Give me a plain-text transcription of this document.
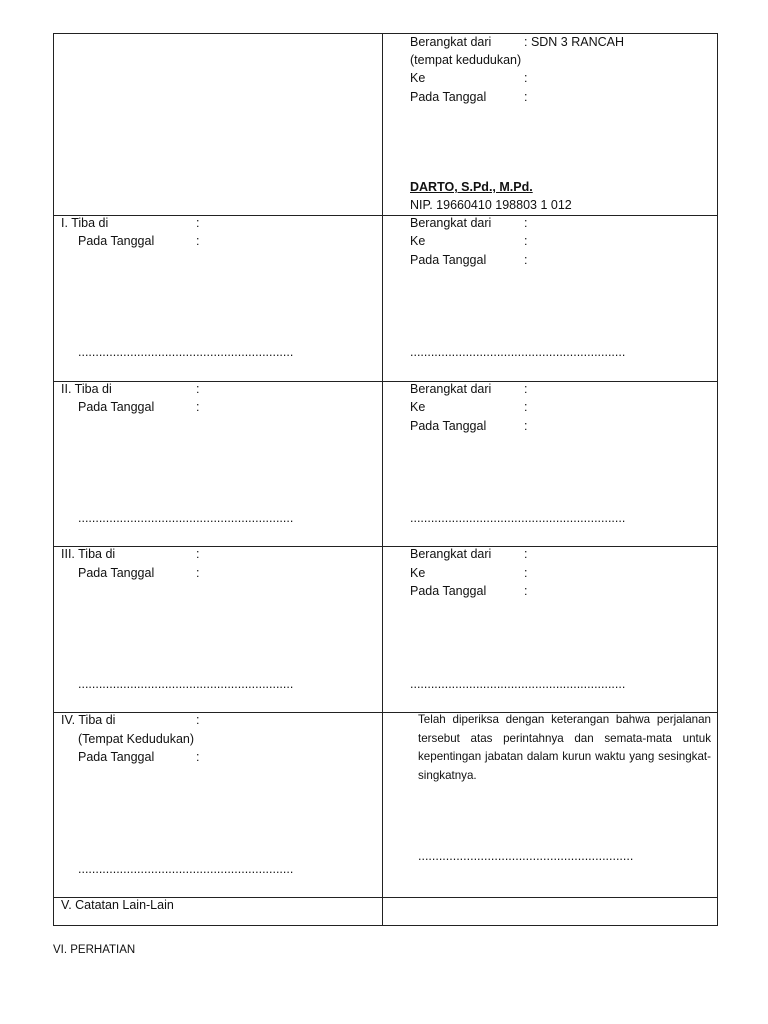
Berangkat dari	: SDN 3 RANCAH
(tempat kedudukan)
Ke	:
Pada Tanggal	:
DARTO, S.Pd., M.Pd.
NIP. 19660410 198803 1 012
I. Tiba di	:
Pada Tanggal	:
..............................................................
Berangkat dari	:
Ke	:
Pada Tanggal	:
..............................................................
II. Tiba di	:
Pada Tanggal	:
..............................................................
Berangkat dari	:
Ke	:
Pada Tanggal	:
..............................................................
III. Tiba di	:
Pada Tanggal	:
..............................................................
Berangkat dari	:
Ke	:
Pada Tanggal	:
..............................................................
IV. Tiba di	:
(Tempat Kedudukan)
Pada Tanggal	:
..............................................................
Telah diperiksa dengan keterangan bahwa perjalanan tersebut atas perintahnya dan semata-mata untuk kepentingan jabatan dalam kurun waktu yang sesingkat-singkatnya.
..............................................................
V. Catatan Lain-Lain
VI. PERHATIAN
